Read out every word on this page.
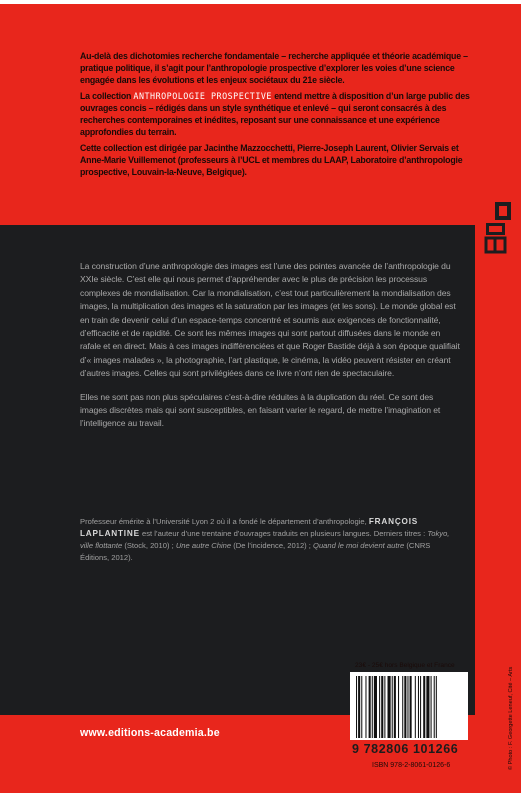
Au-delà des dichotomies recherche fondamentale – recherche appliquée et théorie académique – pratique politique, il s’agit pour l’anthropologie prospective d’explorer les voies d’une science engagée dans les évolutions et les enjeux sociétaux du 21e siècle.

La collection ANTHROPOLOGIE PROSPECTIVE entend mettre à disposition d’un large public des ouvrages concis – rédigés dans un style synthétique et enlevé – qui seront consacrés à des recherches contemporaines et inédites, reposant sur une connaissance et une expérience approfondies du terrain.

Cette collection est dirigée par Jacinthe Mazzocchetti, Pierre-Joseph Laurent, Olivier Servais et Anne-Marie Vuillemenot (professeurs à l’UCL et membres du LAAP, Laboratoire d’anthropologie prospective, Louvain-la-Neuve, Belgique).

La construction d’une anthropologie des images est l’une des pointes avancée de l’anthropologie du XXIe siècle. C’est elle qui nous permet d’appréhender avec le plus de précision les processus complexes de mondialisation. Car la mondialisation, c’est tout particulièrement la mondialisation des images, la multiplication des images et la saturation par les images (et les sons). Le monde global est en train de devenir celui d’un espace-temps concentré et soumis aux exigences de fonctionnalité, d’efficacité et de rapidité. Ce sont les mêmes images qui sont partout diffusées dans le monde en rafale et en direct. Mais à ces images indifférenciées et que Roger Bastide déjà à son époque qualifiait d’« images malades », la photographie, l’art plastique, le cinéma, la vidéo peuvent résister en créant d’autres images. Celles qui sont privilégiées dans ce livre n’ont rien de spectaculaire.

Elles ne sont pas non plus spéculaires c’est-à-dire réduites à la duplication du réel. Ce sont des images discrètes mais qui sont susceptibles, en faisant varier le regard, de mettre l’imagination et l’intelligence au travail.

Professeur émérite à l’Université Lyon 2 où il a fondé le département d’anthropologie, FRANÇOIS LAPLANTINE est l’auteur d’une trentaine d’ouvrages traduits en plusieurs langues. Derniers titres : Tokyo, ville flottante (Stock, 2010) ; Une autre Chine (De l’incidence, 2012) ; Quand le moi devient autre (CNRS Éditions, 2012).
23€ - 25€ hors Belgique et France
9 782806 101266
ISBN 978-2-8061-0126-6
www.editions-academia.be	© Photo : F. Georgette Leneuf, Cité – Arts
